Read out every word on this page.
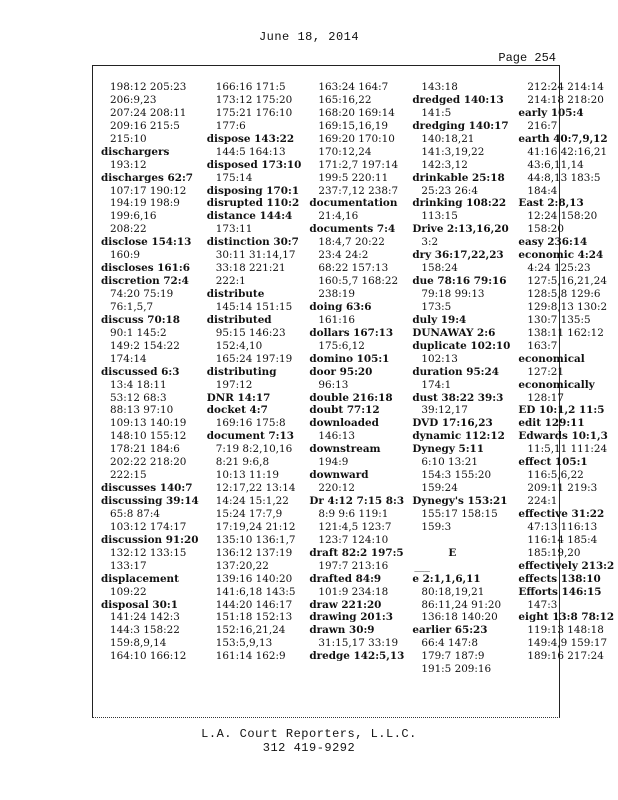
June 18, 2014
Page 254
198:12 205:23
206:9,23
207:24 208:11
209:16 215:5
215:10
dischargers
193:12
discharges 62:7
107:17 190:12
194:19 198:9
199:6,16
208:22
disclose 154:13
160:9
discloses 161:6
discretion 72:4
74:20 75:19
76:1,5,7
discuss 70:18
90:1 145:2
149:2 154:22
174:14
discussed 6:3
13:4 18:11
53:12 68:3
88:13 97:10
109:13 140:19
148:10 155:12
178:21 184:6
202:22 218:20
222:15
discusses 140:7
discussing 39:14
65:8 87:4
103:12 174:17
discussion 91:20
132:12 133:15
133:17
displacement
109:22
disposal 30:1
141:24 142:3
144:3 158:22
159:8,9,14
164:10 166:12
166:16 171:5
173:12 175:20
175:21 176:10
177:6
dispose 143:22
144:5 164:13
disposed 173:10
175:14
disposing 170:1
disrupted 110:2
distance 144:4
173:11
distinction 30:7
30:11 31:14,17
33:18 221:21
222:1
distribute
145:14 151:15
distributed
95:15 146:23
152:4,10
165:24 197:19
distributing
197:12
DNR 14:17
docket 4:7
169:16 175:8
document 7:13
7:19 8:2,10,16
8:21 9:6,8
10:13 11:19
12:17,22 13:14
14:24 15:1,22
15:24 17:7,9
17:19,24 21:12
135:10 136:1,7
136:12 137:19
137:20,22
139:16 140:20
141:6,18 143:5
144:20 146:17
151:18 152:13
152:16,21,24
153:5,9,13
161:14 162:9
163:24 164:7
165:16,22
168:20 169:14
169:15,16,19
169:20 170:10
170:12,24
171:2,7 197:14
199:5 220:11
237:7,12 238:7
documentation
21:4,16
documents 7:4
18:4,7 20:22
23:4 24:2
68:22 157:13
160:5,7 168:22
238:19
doing 63:6
161:16
dollars 167:13
175:6,12
domino 105:1
door 95:20
96:13
double 216:18
doubt 77:12
downloaded
146:13
downstream
194:9
downward
220:12
Dr 4:12 7:15 8:3
8:9 9:6 119:1
121:4,5 123:7
123:7 124:10
draft 82:2 197:5
197:7 213:16
drafted 84:9
101:9 234:18
draw 221:20
drawing 201:3
drawn 30:9
31:15,17 33:19
dredge 142:5,13
143:18
dredged 140:13
141:5
dredging 140:17
140:18,21
141:3,19,22
142:3,12
drinkable 25:18
25:23 26:4
drinking 108:22
113:15
Drive 2:13,16,20
3:2
dry 36:17,22,23
158:24
due 78:16 79:16
79:18 99:13
173:5
duly 19:4
DUNAWAY 2:6
duplicate 102:10
102:13
duration 95:24
174:1
dust 38:22 39:3
39:12,17
DVD 17:16,23
dynamic 112:12
Dynegy 5:11
6:10 13:21
154:3 155:20
159:24
Dynegy's 153:21
155:17 158:15
159:3
E
___
e 2:1,1,6,11
80:18,19,21
86:11,24 91:20
136:18 140:20
earlier 65:23
66:4 147:8
179:7 187:9
191:5 209:16
212:24 214:14
214:18 218:20
early 105:4
216:7
earth 40:7,9,12
41:16 42:16,21
43:6,11,14
44:8,13 183:5
184:4
East 2:8,13
12:24 158:20
158:20
easy 236:14
economic 4:24
4:24 125:23
127:5,16,21,24
128:5,8 129:6
129:8,13 130:2
130:7 135:5
138:11 162:12
163:7
economical
127:21
economically
128:17
ED 10:1,2 11:5
edit 129:11
Edwards 10:1,3
11:5,11 111:24
effect 105:1
116:5,6,22
209:11 219:3
224:1
effective 31:22
47:13 116:13
116:14 185:4
185:19,20
effectively 213:2
effects 138:10
Efforts 146:15
147:3
eight 13:8 78:12
119:13 148:18
149:4,9 159:17
189:16 217:24
L.A. Court Reporters, L.L.C.
312 419-9292
